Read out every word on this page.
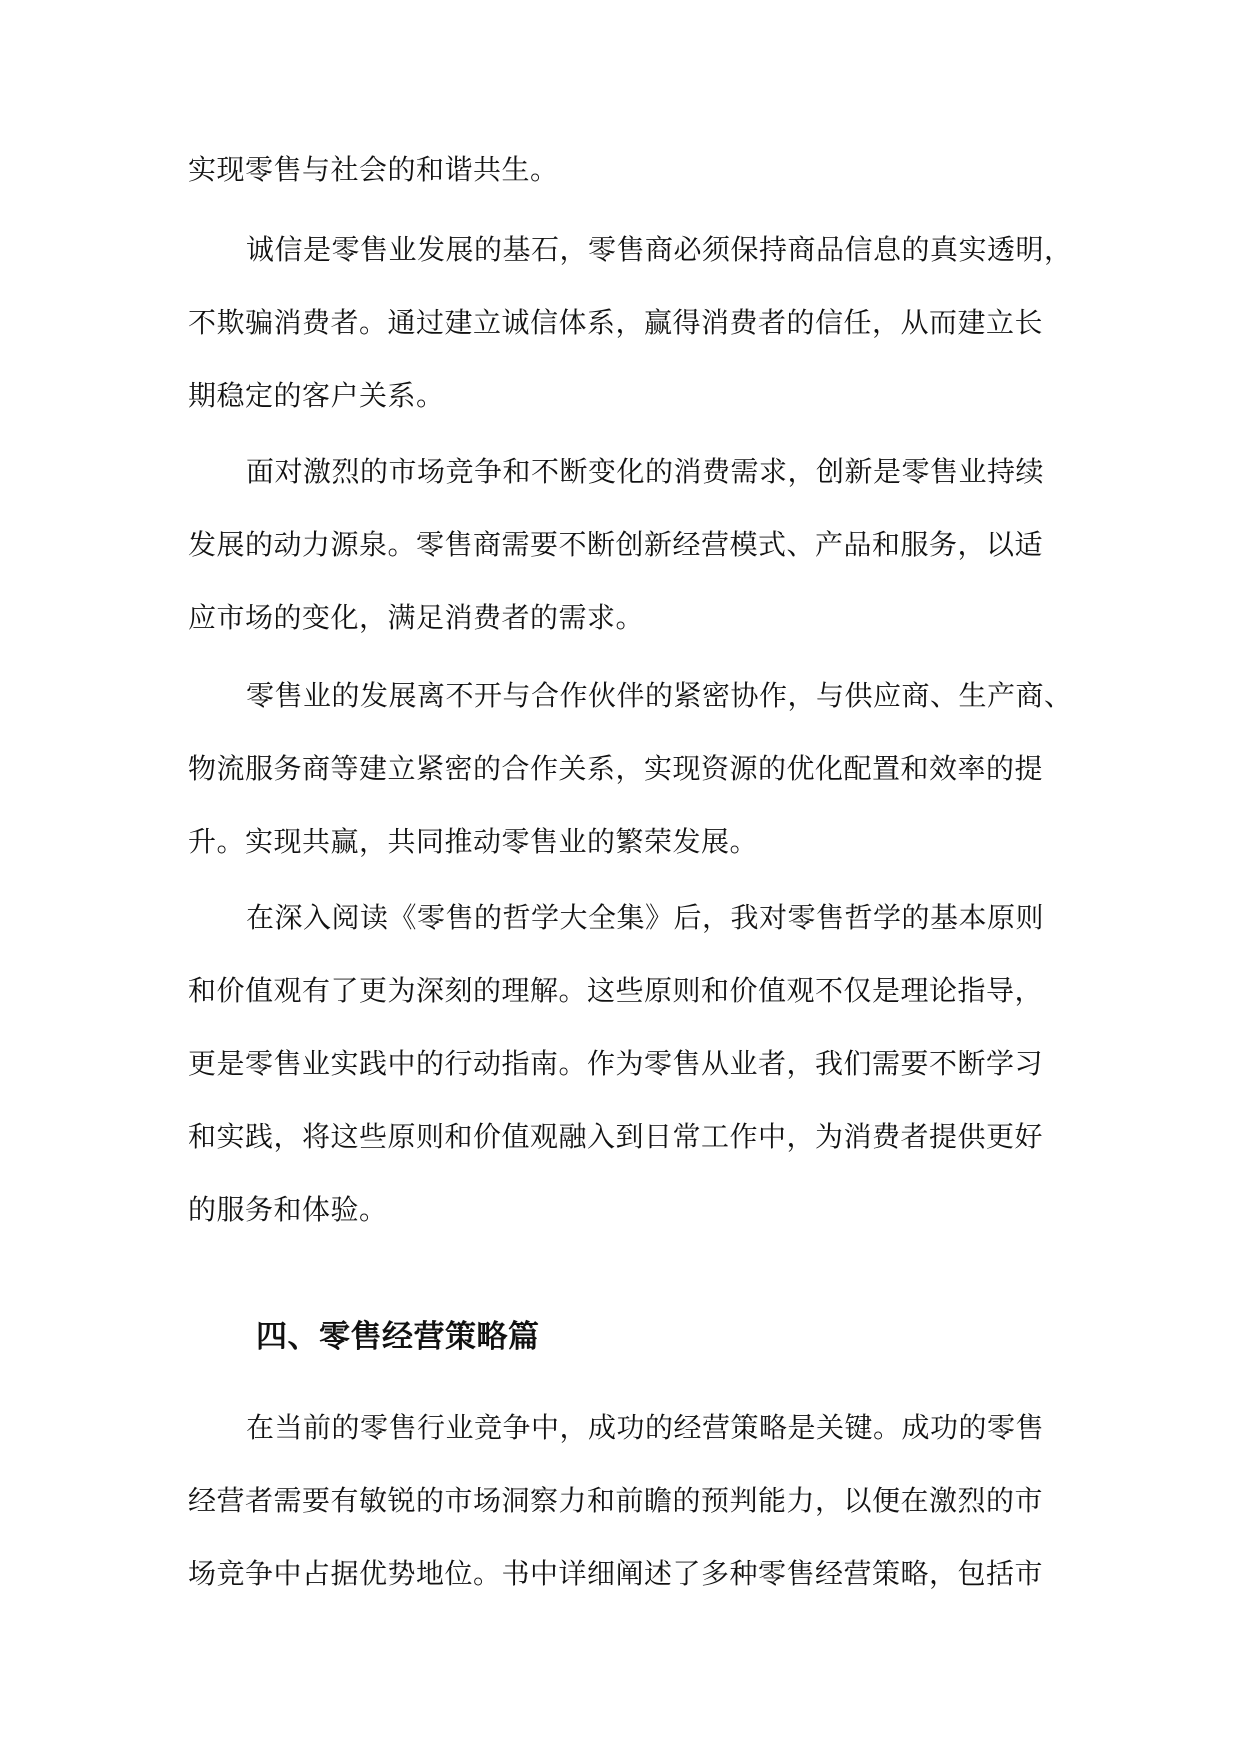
实现零售与社会的和谐共生。
诚信是零售业发展的基石，零售商必须保持商品信息的真实透明，
不欺骗消费者。通过建立诚信体系，赢得消费者的信任，从而建立长
期稳定的客户关系。
面对激烈的市场竞争和不断变化的消费需求，创新是零售业持续
发展的动力源泉。零售商需要不断创新经营模式、产品和服务，以适
应市场的变化，满足消费者的需求。
零售业的发展离不开与合作伙伴的紧密协作，与供应商、生产商、
物流服务商等建立紧密的合作关系，实现资源的优化配置和效率的提
升。实现共赢，共同推动零售业的繁荣发展。
在深入阅读《零售的哲学大全集》后，我对零售哲学的基本原则
和价值观有了更为深刻的理解。这些原则和价值观不仅是理论指导，
更是零售业实践中的行动指南。作为零售从业者，我们需要不断学习
和实践，将这些原则和价值观融入到日常工作中，为消费者提供更好
的服务和体验。
四、零售经营策略篇
在当前的零售行业竞争中，成功的经营策略是关键。成功的零售
经营者需要有敏锐的市场洞察力和前瞻的预判能力，以便在激烈的市
场竞争中占据优势地位。书中详细阐述了多种零售经营策略，包括市
